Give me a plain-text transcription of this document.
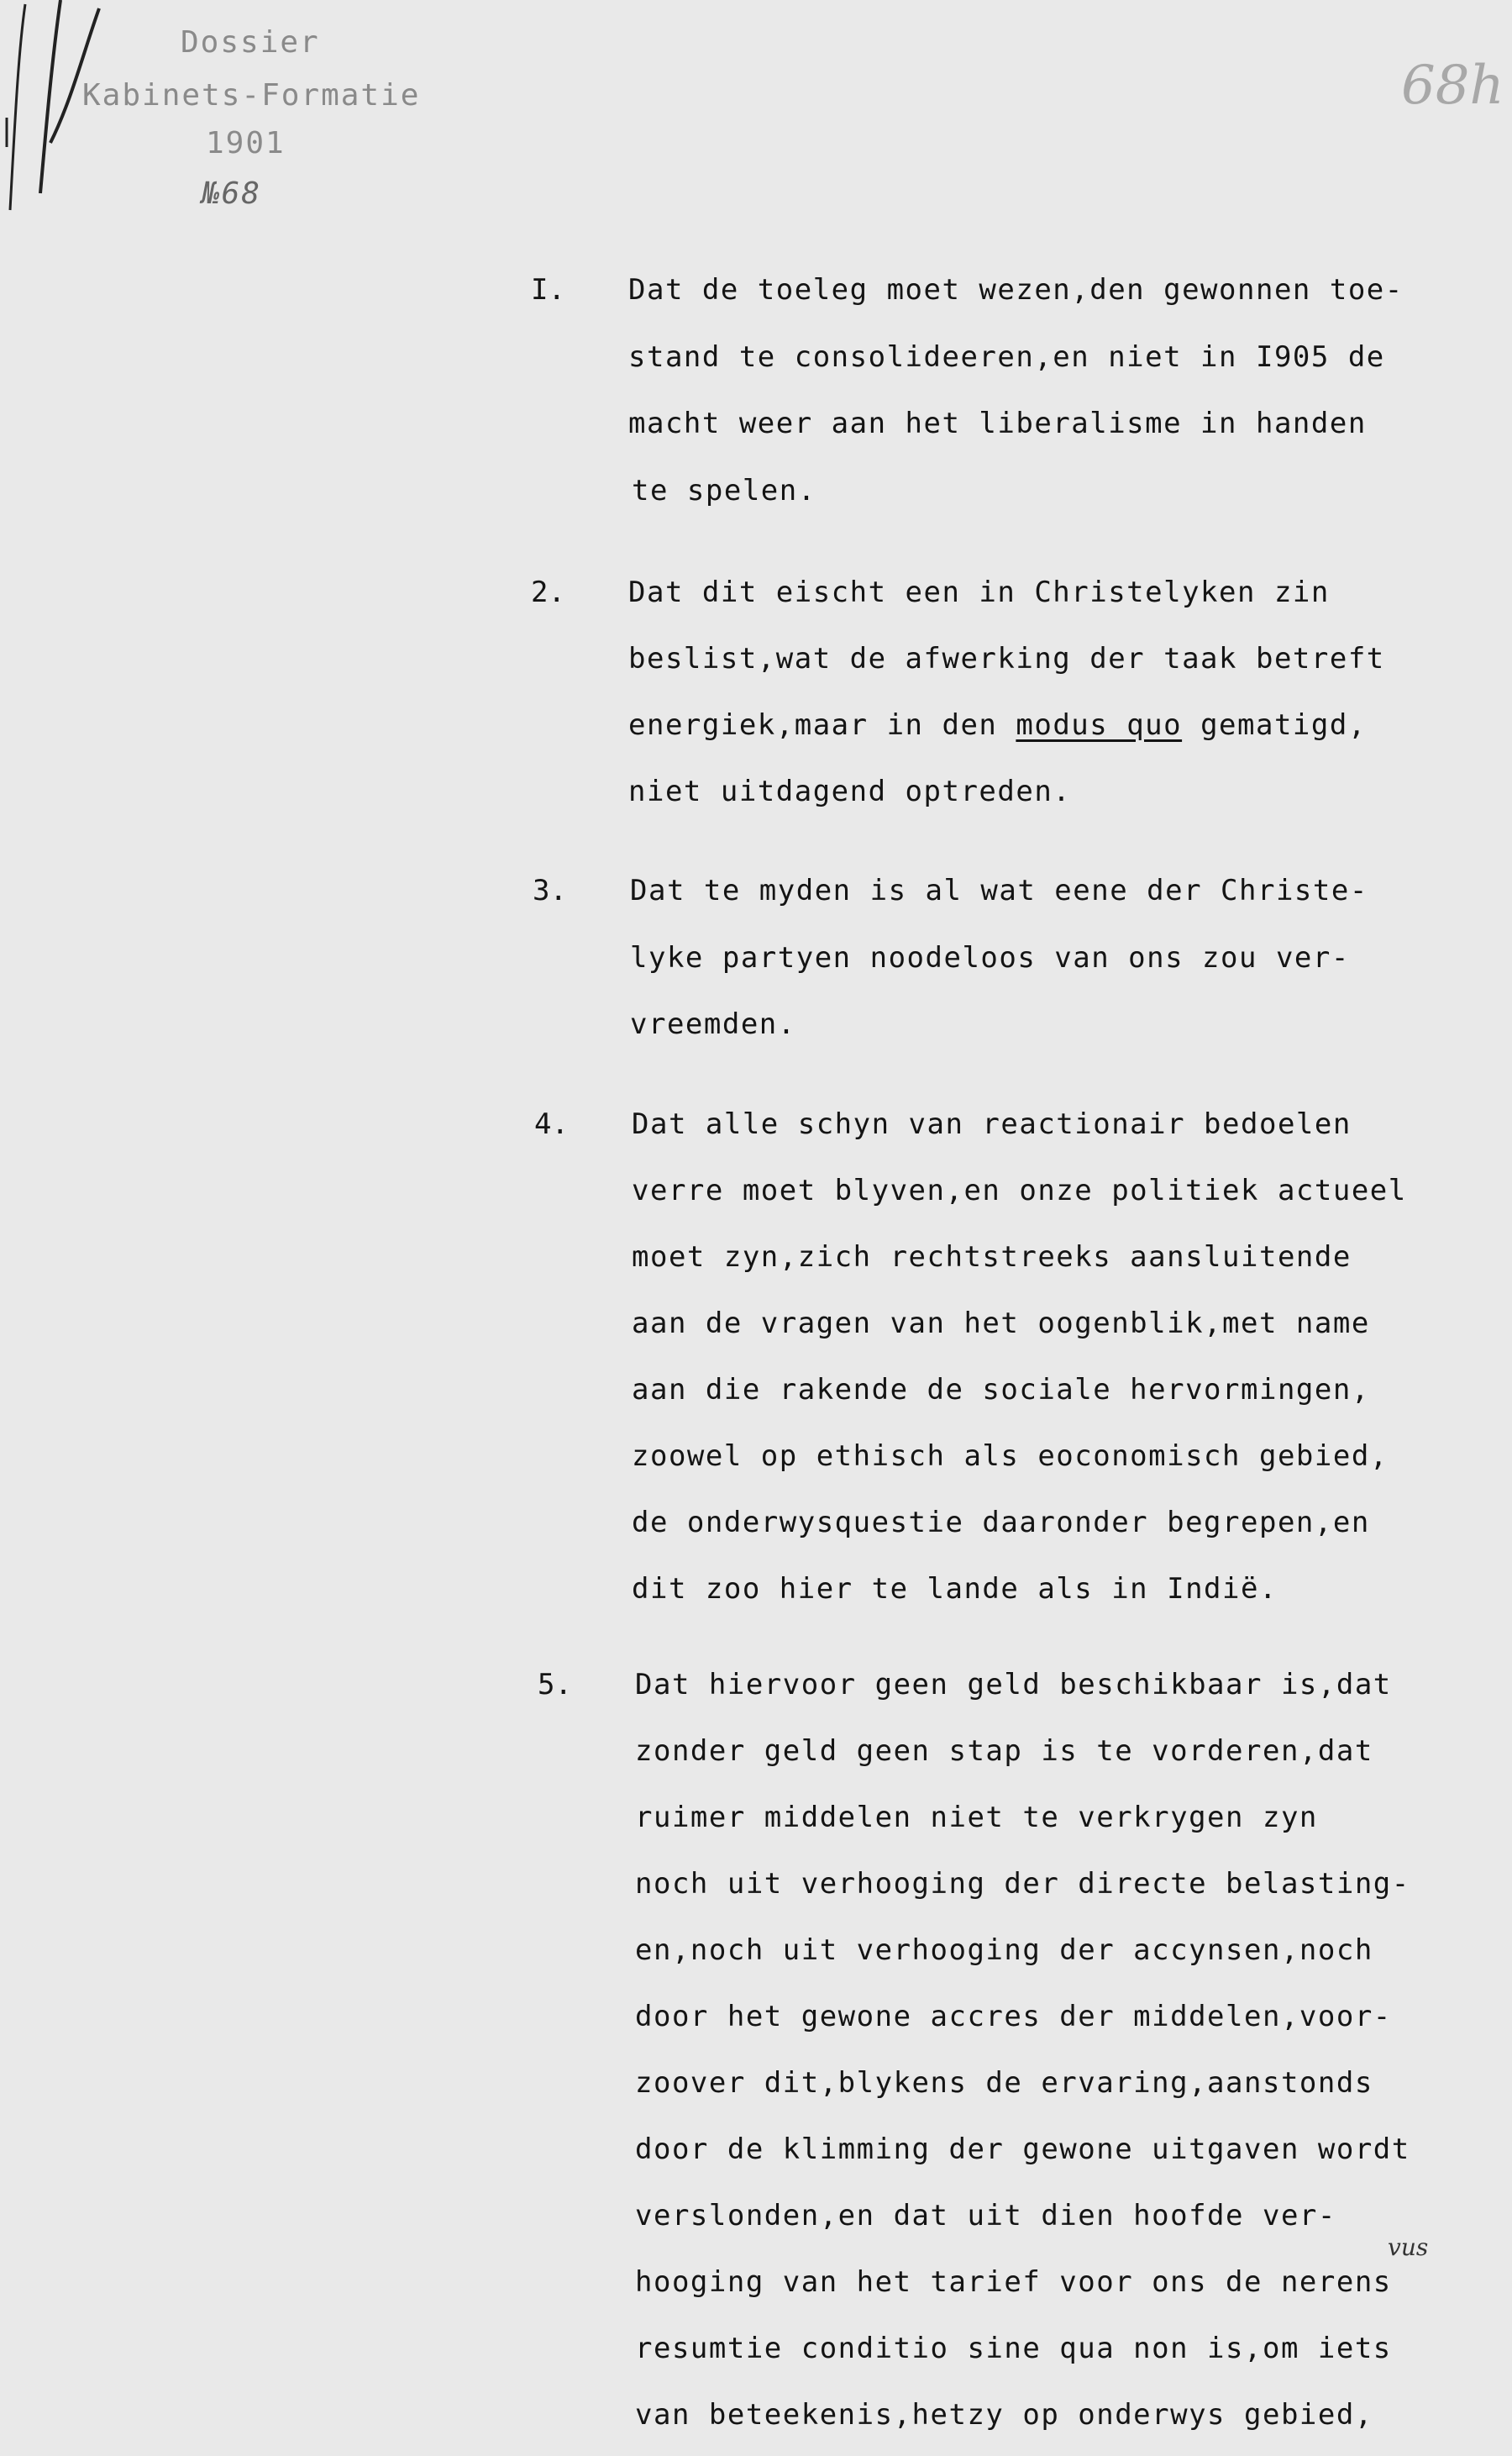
Dossier
Kabinets-Formatie
1901
№68
68h
I. Dat de toeleg moet wezen,den gewonnen toe-
stand te consolideeren,en niet in I905 de
macht weer aan het liberalisme in handen
te spelen.
2. Dat dit eischt een in Christelyken zin
beslist,wat de afwerking der taak betreft
energiek,maar in den modus quo gematigd,
niet uitdagend optreden.
3. Dat te myden is al wat eene der Christe-
lyke partyen noodeloos van ons zou ver-
vreemden.
4. Dat alle schyn van reactionair bedoelen
verre moet blyven,en onze politiek actueel
moet zyn,zich rechtstreeks aansluitende
aan de vragen van het oogenblik,met name
aan die rakende de sociale hervormingen,
zoowel op ethisch als eoconomisch gebied,
de onderwysquestie daaronder begrepen,en
dit zoo hier te lande als in Indië.
5. Dat hiervoor geen geld beschikbaar is,dat
zonder geld geen stap is te vorderen,dat
ruimer middelen niet te verkrygen zyn
noch uit verhooging der directe belasting-
en,noch uit verhooging der accynsen,noch
door het gewone accres der middelen,voor-
zoover dit,blykens de ervaring,aanstonds
door de klimming der gewone uitgaven wordt
verslonden,en dat uit dien hoofde ver-
vus
hooging van het tarief voor ons de nerens
resumtie conditio sine qua non is,om iets
van beteekenis,hetzy op onderwys gebied,
